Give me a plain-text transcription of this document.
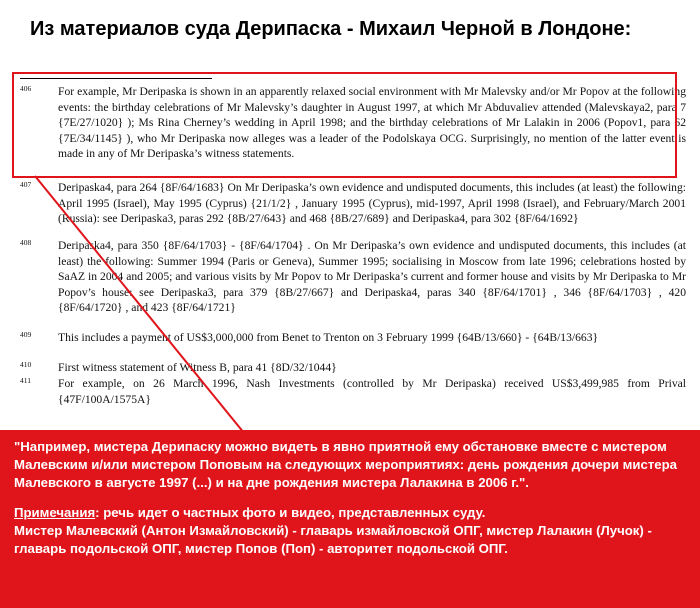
Из материалов суда Дерипаска - Михаил Черной в Лондоне:
406 For example, Mr Deripaska is shown in an apparently relaxed social environment with Mr Malevsky and/or Mr Popov at the following events: the birthday celebrations of Mr Malevsky’s daughter in August 1997, at which Mr Abduvaliev attended (Malevskaya2, para 7 {7E/27/1020} ); Ms Rina Cherney’s wedding in April 1998; and the birthday celebrations of Mr Lalakin in 2006 (Popov1, para 62 {7E/34/1145} ), who Mr Deripaska now alleges was a leader of the Podolskaya OCG. Surprisingly, no mention of the latter event is made in any of Mr Deripaska’s witness statements.
407 Deripaska4, para 264 {8F/64/1683} On Mr Deripaska’s own evidence and undisputed documents, this includes (at least) the following: April 1995 (Israel), May 1995 (Cyprus) {21/1/2} , January 1995 (Cyprus), mid-1997, April 1998 (Israel), and February/March 2001 (Russia): see Deripaska3, paras 292 {8B/27/643} and 468 {8B/27/689} and Deripaska4, para 302 {8F/64/1692}
408 Deripaska4, para 350 {8F/64/1703} - {8F/64/1704} . On Mr Deripaska’s own evidence and undisputed documents, this includes (at least) the following: Summer 1994 (Paris or Geneva), Summer 1995; socialising in Moscow from late 1996; celebrations hosted by SaAZ in 2004 and 2005; and various visits by Mr Popov to Mr Deripaska’s current and former house and visits by Mr Deripaska to Mr Popov’s house: see Deripaska3, para 379 {8B/27/667} and Deripaska4, paras 340 {8F/64/1701} , 346 {8F/64/1703} , 420 {8F/64/1720} , and 423 {8F/64/1721}
409 This includes a payment of US$3,000,000 from Benet to Trenton on 3 February 1999 {64B/13/660} - {64B/13/663}
410 First witness statement of Witness B, para 41 {8D/32/1044}
411 For example, on 26 March 1996, Nash Investments (controlled by Mr Deripaska) received US$3,499,985 from Prival {47F/100A/1575A}

"Например, мистера Дерипаску можно видеть в явно приятной ему обстановке вместе с мистером Малевским и/или мистером Поповым на следующих мероприятиях: день рождения дочери мистера Малевского в августе 1997 (...) и на дне рождения мистера Лалакина в 2006 г.".

Примечания: речь идет о частных фото и видео, представленных суду.

Мистер Малевский (Антон Измайловский) - главарь измайловской ОПГ, мистер Лалакин (Лучок) - главарь подольской ОПГ, мистер Попов (Поп) - авторитет подольской ОПГ.
